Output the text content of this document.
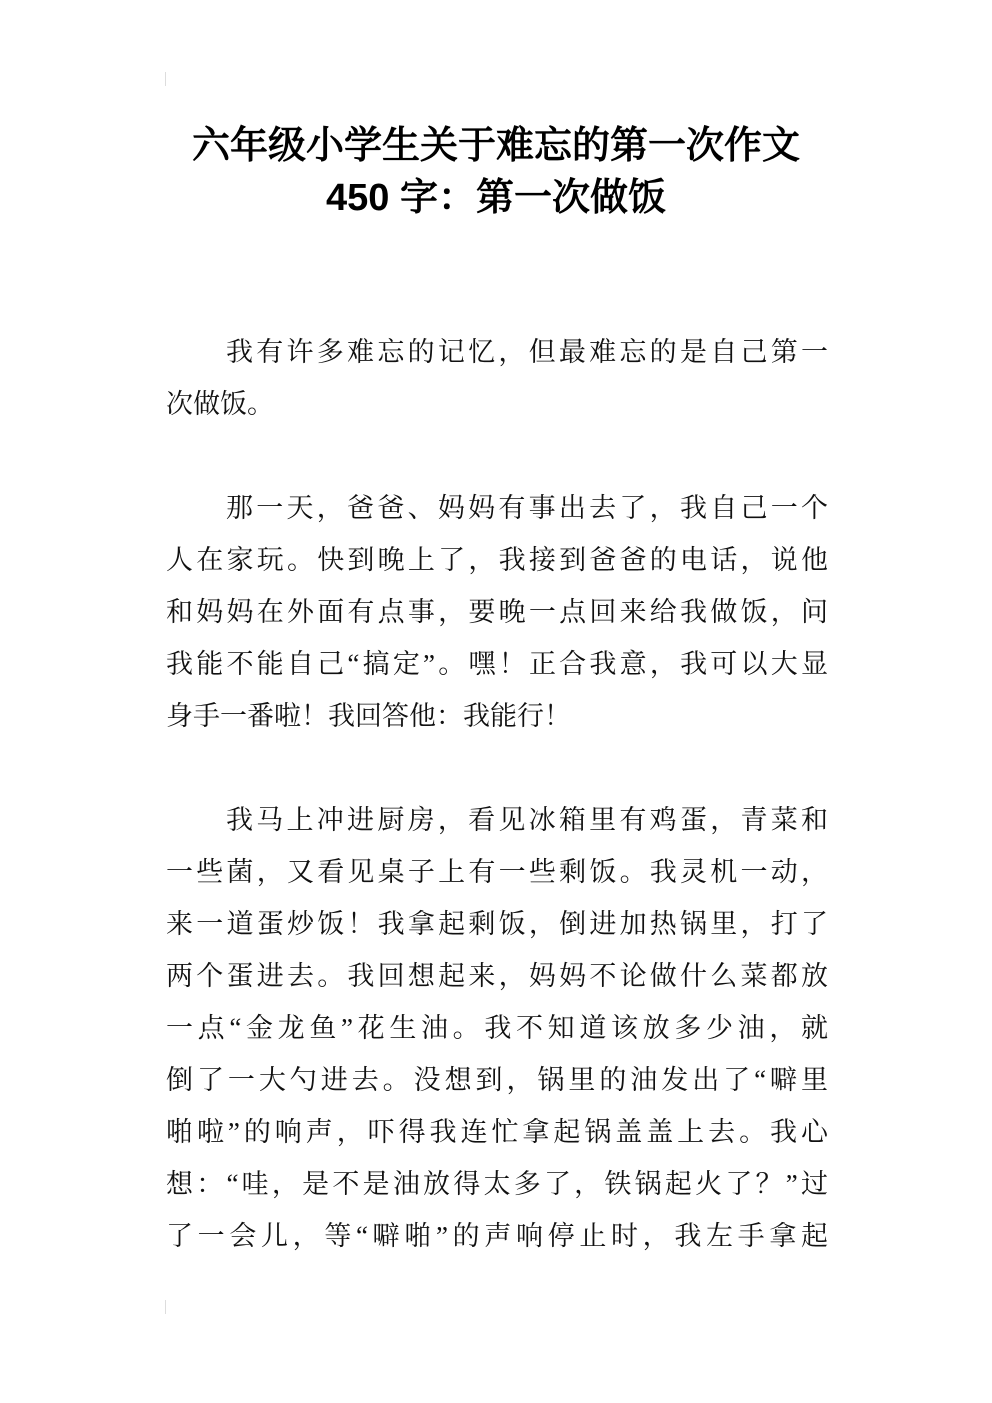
六年级小学生关于难忘的第一次作文
450 字：第一次做饭
我有许多难忘的记忆，但最难忘的是自己第一
次做饭。
那一天，爸爸、妈妈有事出去了，我自己一个
人在家玩。快到晚上了，我接到爸爸的电话，说他
和妈妈在外面有点事，要晚一点回来给我做饭，问
我能不能自己“搞定”。嘿！正合我意，我可以大显
身手一番啦！我回答他：我能行！
我马上冲进厨房，看见冰箱里有鸡蛋，青菜和
一些菌，又看见桌子上有一些剩饭。我灵机一动，
来一道蛋炒饭！我拿起剩饭，倒进加热锅里，打了
两个蛋进去。我回想起来，妈妈不论做什么菜都放
一点“金龙鱼”花生油。我不知道该放多少油，就
倒了一大勺进去。没想到，锅里的油发出了“噼里
啪啦”的响声，吓得我连忙拿起锅盖盖上去。我心
想：“哇，是不是油放得太多了，铁锅起火了？”过
了一会儿，等“噼啪”的声响停止时，我左手拿起
